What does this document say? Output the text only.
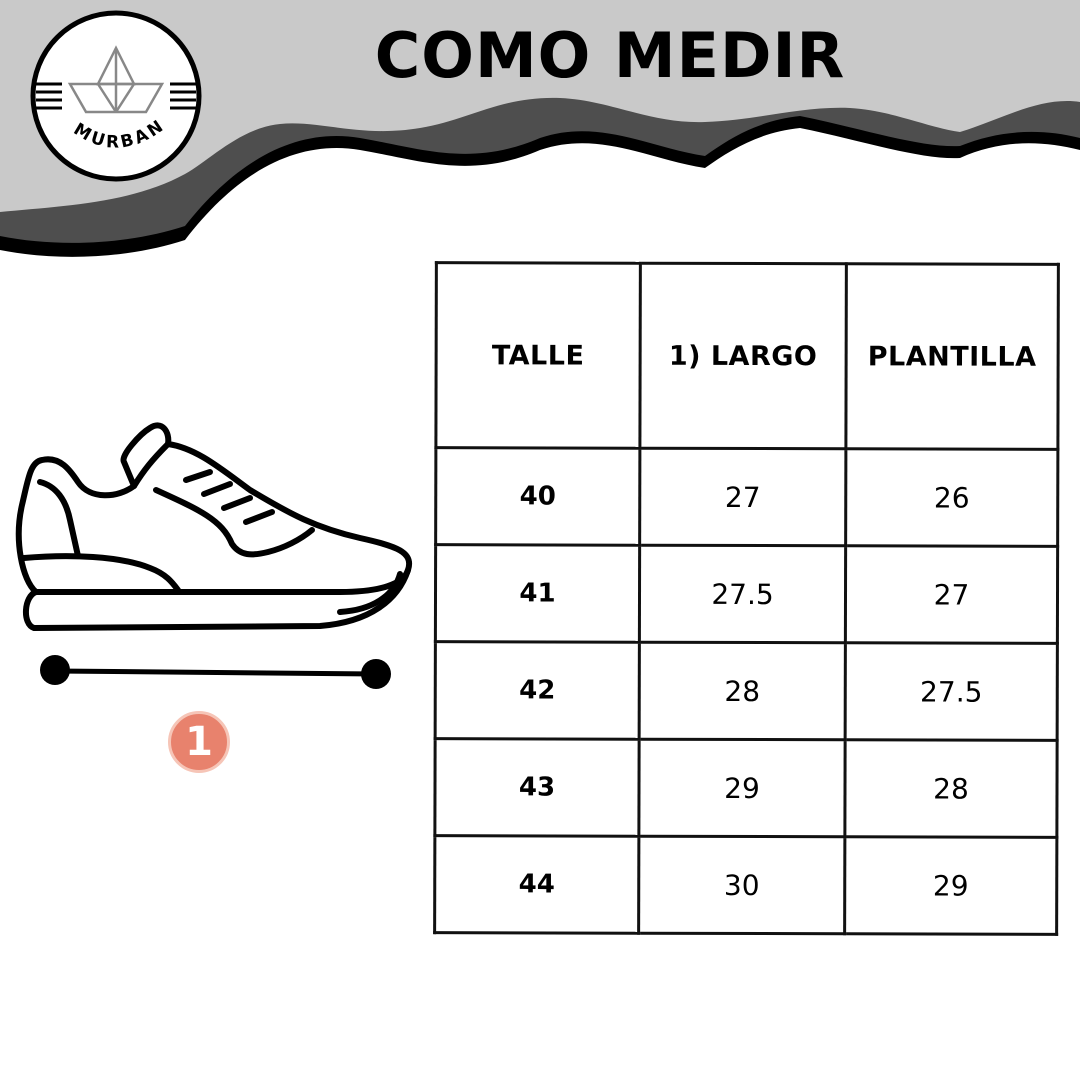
MURBAN
COMO MEDIR
1
TALLE	1) LARGO	PLANTILLA
40	27	26
41	27.5	27
42	28	27.5
43	29	28
44	30	29
